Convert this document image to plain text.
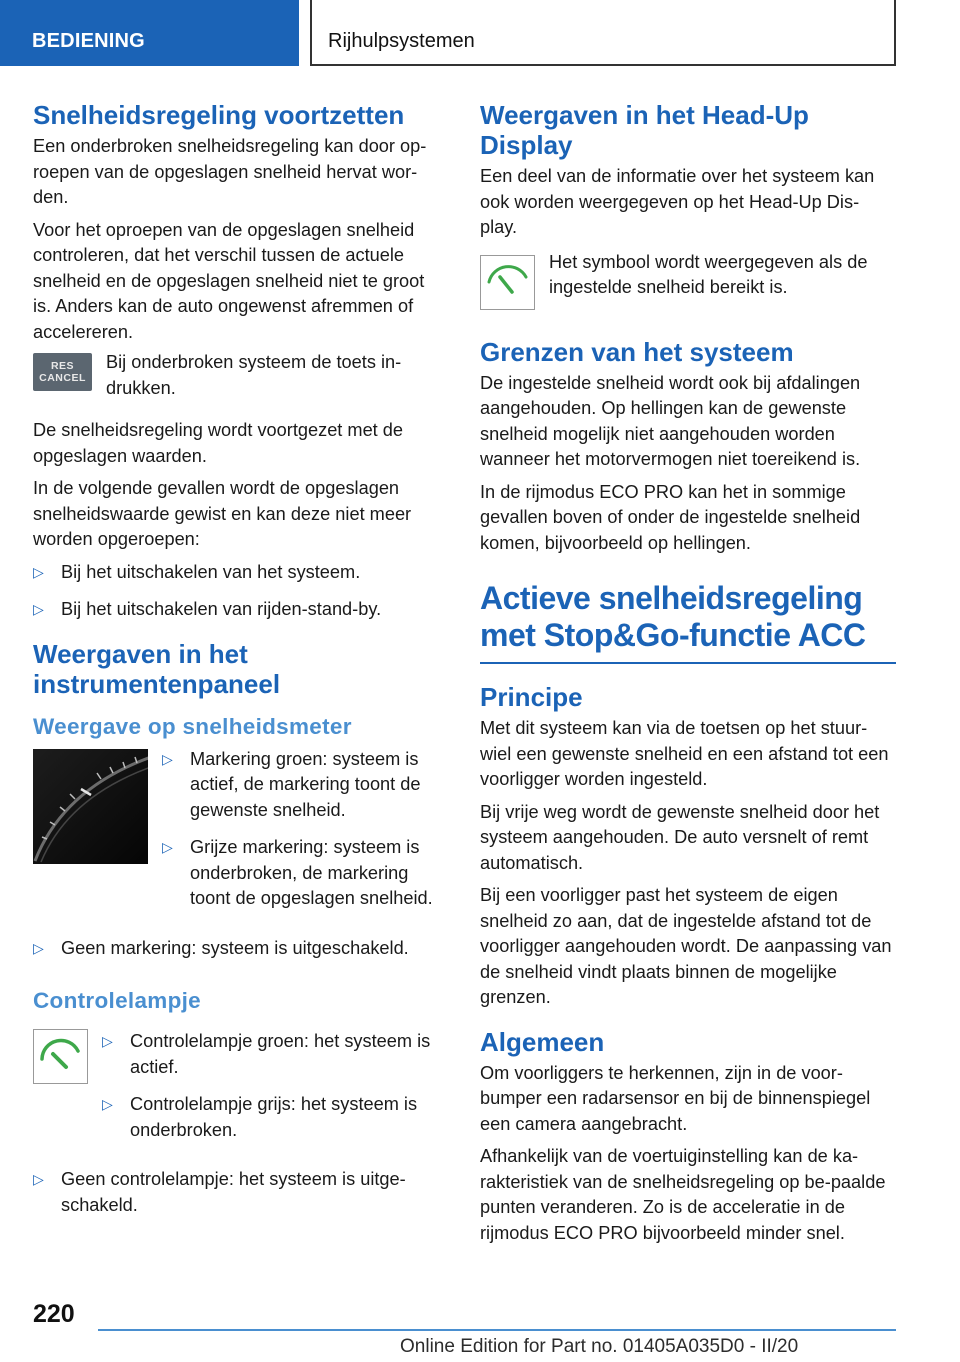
BEDIENING	Rijhulpsystemen
Snelheidsregeling voortzetten

Een onderbroken snelheidsregeling kan door op-roepen van de opgeslagen snelheid hervat wor-den.

Voor het oproepen van de opgeslagen snelheid controleren, dat het verschil tussen de actuele snelheid en de opgeslagen snelheid niet te groot is. Anders kan de auto ongewenst afremmen of accelereren.

RES
CANCEL

Bij onderbroken systeem de toets in-drukken.

De snelheidsregeling wordt voortgezet met de opgeslagen waarden.

In de volgende gevallen wordt de opgeslagen snelheidswaarde gewist en kan deze niet meer worden opgeroepen:

▷ Bij het uitschakelen van het systeem.
▷ Bij het uitschakelen van rijden-stand-by.
Weergaven in het instrumentenpaneel
Weergave op snelheidsmeter
▷ Markering groen: systeem is actief, de markering toont de gewenste snelheid.
▷ Grijze markering: systeem is onderbroken, de markering toont de opgeslagen snelheid.
▷ Geen markering: systeem is uitgeschakeld.
Controlelampje
▷ Controlelampje groen: het systeem is actief.
▷ Controlelampje grijs: het systeem is onderbroken.
▷ Geen controlelampje: het systeem is uitge-schakeld.
Weergaven in het Head-Up Display

Een deel van de informatie over het systeem kan ook worden weergegeven op het Head-Up Dis-play.

Het symbool wordt weergegeven als de ingestelde snelheid bereikt is.

Grenzen van het systeem

De ingestelde snelheid wordt ook bij afdalingen aangehouden. Op hellingen kan de gewenste snelheid mogelijk niet aangehouden worden wanneer het motorvermogen niet toereikend is.

In de rijmodus ECO PRO kan het in sommige gevallen boven of onder de ingestelde snelheid komen, bijvoorbeeld op hellingen.

Actieve snelheidsregeling met Stop&Go-functie ACC
Principe

Met dit systeem kan via de toetsen op het stuur-wiel een gewenste snelheid en een afstand tot een voorligger worden ingesteld.

Bij vrije weg wordt de gewenste snelheid door het systeem aangehouden. De auto versnelt of remt automatisch.

Bij een voorligger past het systeem de eigen snelheid zo aan, dat de ingestelde afstand tot de voorligger aangehouden wordt. De aanpassing van de snelheid vindt plaats binnen de mogelijke grenzen.

Algemeen

Om voorliggers te herkennen, zijn in de voor-bumper een radarsensor en bij de binnenspiegel een camera aangebracht.

Afhankelijk van de voertuiginstelling kan de ka-rakteristiek van de snelheidsregeling op be-paalde punten veranderen. Zo is de acceleratie in de rijmodus ECO PRO bijvoorbeeld minder snel.

220
Online Edition for Part no. 01405A035D0 - II/20
